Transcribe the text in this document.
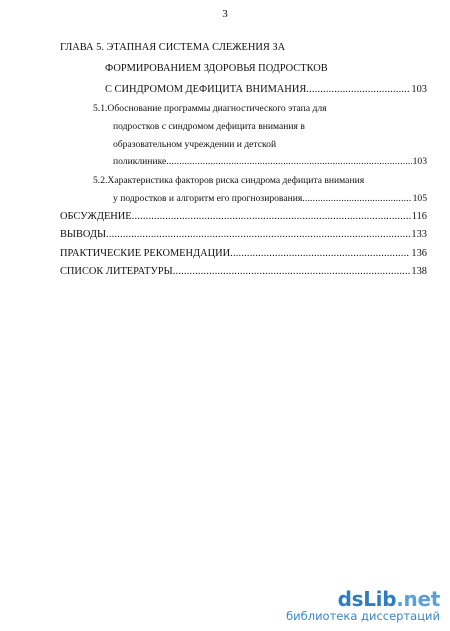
3
ГЛАВА 5. ЭТАПНАЯ СИСТЕМА СЛЕЖЕНИЯ ЗА
ФОРМИРОВАНИЕМ ЗДОРОВЬЯ ПОДРОСТКОВ
С СИНДРОМОМ ДЕФИЦИТА ВНИМАНИЯ .....	103
5.1.Обоснование программы диагностического этапа для
подростков с синдромом дефицита внимания в
образовательном учреждении и детской
поликлинике .....	103
5.2.Характеристика факторов риска синдрома дефицита внимания
у подростков и алгоритм его прогнозирования .....	105
ОБСУЖДЕНИЕ .....	116
ВЫВОДЫ .....	133
ПРАКТИЧЕСКИЕ РЕКОМЕНДАЦИИ .....	136
СПИСОК ЛИТЕРАТУРЫ .....	138
dsLib.net
библиотека диссертаций
